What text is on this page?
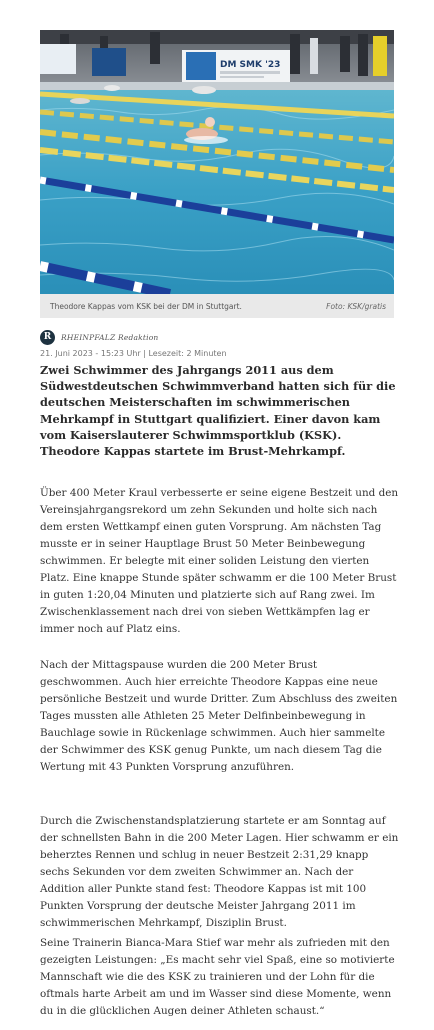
DM SMK '23
Theodore Kappas vom KSK bei der DM in Stuttgart.	Foto: KSK/gratis
R	RHEINPFALZ Redaktion
21. Juni 2023 - 15:23 Uhr | Lesezeit: 2 Minuten
Zwei Schwimmer des Jahrgangs 2011 aus dem Südwestdeutschen Schwimmverband hatten sich für die deutschen Meisterschaften im schwimmerischen Mehrkampf in Stuttgart qualifiziert. Einer davon kam vom Kaiserslauterer Schwimmsportklub (KSK). Theodore Kappas startete im Brust-Mehrkampf.

Über 400 Meter Kraul verbesserte er seine eigene Bestzeit und den Vereinsjahrgangsrekord um zehn Sekunden und holte sich nach dem ersten Wettkampf einen guten Vorsprung. Am nächsten Tag musste er in seiner Hauptlage Brust 50 Meter Beinbewegung schwimmen. Er belegte mit einer soliden Leistung den vierten Platz. Eine knappe Stunde später schwamm er die 100 Meter Brust in guten 1:20,04 Minuten und platzierte sich auf Rang zwei. Im Zwischenklassement nach drei von sieben Wettkämpfen lag er immer noch auf Platz eins.

Nach der Mittagspause wurden die 200 Meter Brust geschwommen. Auch hier erreichte Theodore Kappas eine neue persönliche Bestzeit und wurde Dritter. Zum Abschluss des zweiten Tages mussten alle Athleten 25 Meter Delfinbeinbewegung in Bauchlage sowie in Rückenlage schwimmen. Auch hier sammelte der Schwimmer des KSK genug Punkte, um nach diesem Tag die Wertung mit 43 Punkten Vorsprung anzuführen.

Durch die Zwischenstandsplatzierung startete er am Sonntag auf der schnellsten Bahn in die 200 Meter Lagen. Hier schwamm er ein beherztes Rennen und schlug in neuer Bestzeit 2:31,29 knapp sechs Sekunden vor dem zweiten Schwimmer an. Nach der Addition aller Punkte stand fest: Theodore Kappas ist mit 100 Punkten Vorsprung der deutsche Meister Jahrgang 2011 im schwimmerischen Mehrkampf, Disziplin Brust.

Seine Trainerin Bianca-Mara Stief war mehr als zufrieden mit den gezeigten Leistungen: „Es macht sehr viel Spaß, eine so motivierte Mannschaft wie die des KSK zu trainieren und der Lohn für die oftmals harte Arbeit am und im Wasser sind diese Momente, wenn du in die glücklichen Augen deiner Athleten schaust.“
